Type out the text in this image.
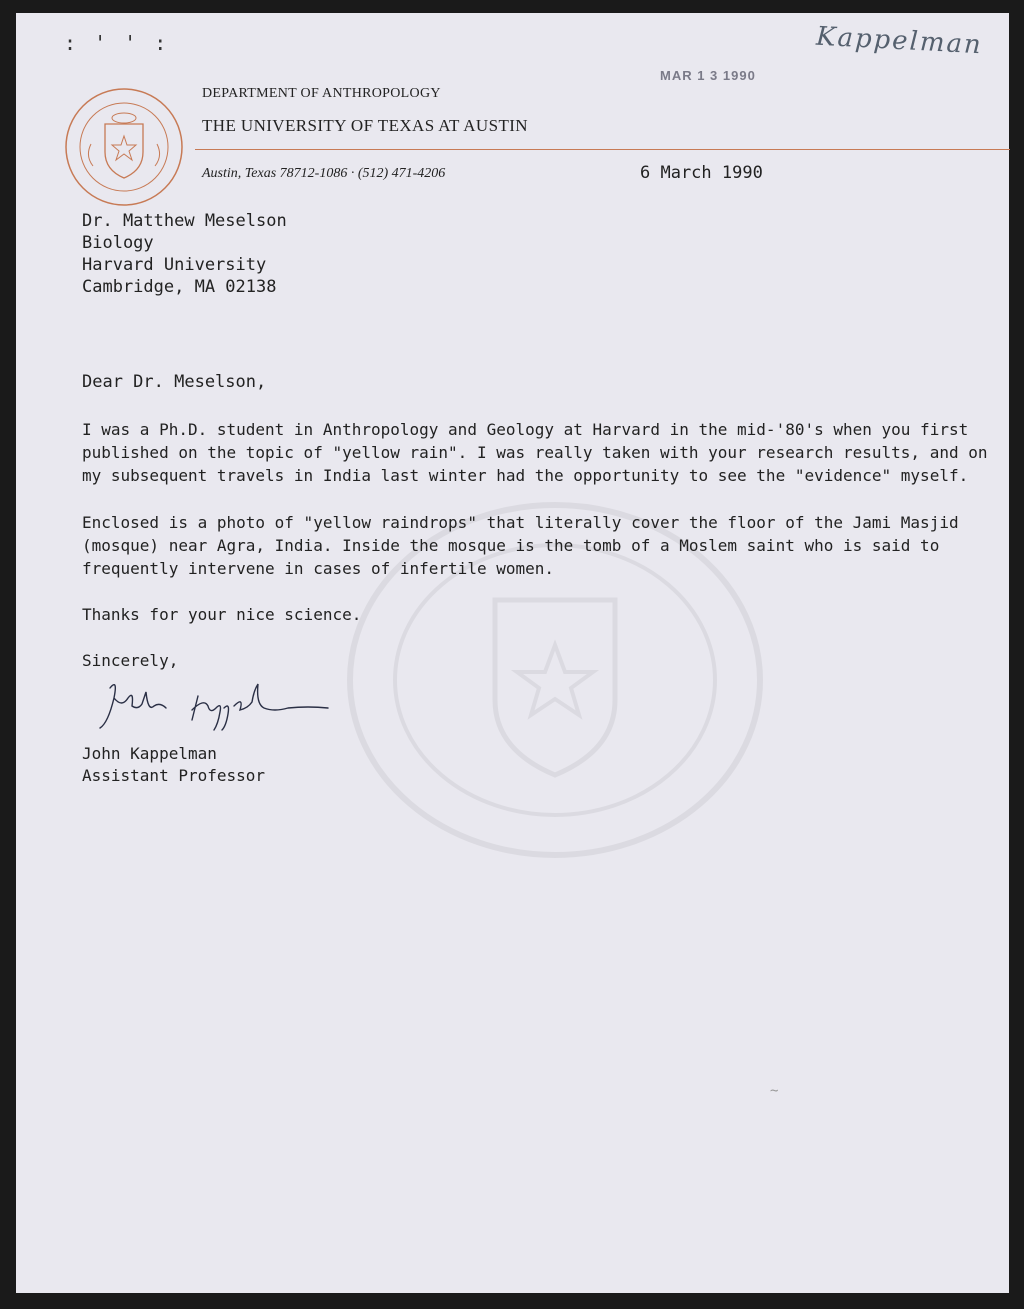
: ' ' :	Kappelman
MAR 1 3 1990
DEPARTMENT OF ANTHROPOLOGY
THE UNIVERSITY OF TEXAS AT AUSTIN
Austin, Texas 78712-1086 · (512) 471-4206	6 March 1990
Dr. Matthew Meselson
Biology
Harvard University
Cambridge, MA 02138
Dear Dr. Meselson,
I was a Ph.D. student in Anthropology and Geology at Harvard in the mid-'80's when you first
published on the topic of "yellow rain". I was really taken with your research results, and on
my subsequent travels in India last winter had the opportunity to see the "evidence" myself.
Enclosed is a photo of "yellow raindrops" that literally cover the floor of the Jami Masjid
(mosque) near Agra, India. Inside the mosque is the tomb of a Moslem saint who is said to
frequently intervene in cases of infertile women.
Thanks for your nice science.
Sincerely,
John Kappelman
Assistant Professor
~
